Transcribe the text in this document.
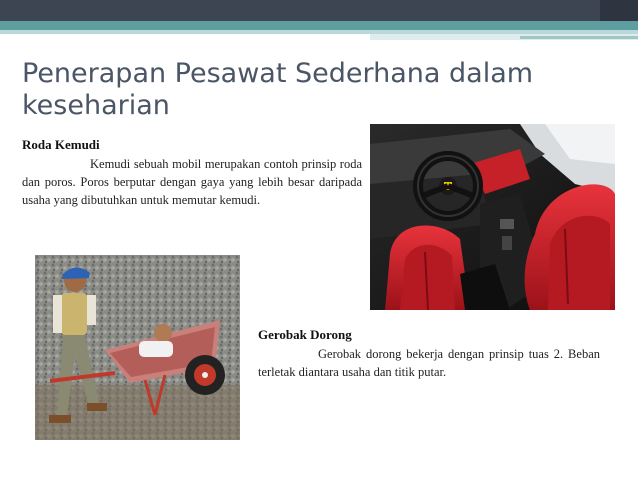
Penerapan Pesawat Sederhana dalam keseharian
Roda Kemudi

Kemudi sebuah mobil merupakan contoh prinsip roda dan poros. Poros berputar dengan gaya yang lebih besar daripada usaha yang dibutuhkan untuk memutar kemudi.

Gerobak Dorong

Gerobak dorong bekerja dengan prinsip tuas 2. Beban terletak diantara usaha dan titik putar.
